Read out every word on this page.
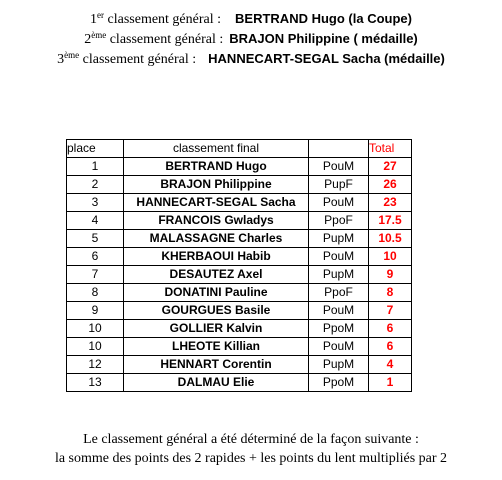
1er classement général : BERTRAND Hugo (la Coupe)
2ème classement général : BRAJON Philippine ( médaille)
3ème classement général : HANNECART-SEGAL Sacha (médaille)
place	classement final		Total
1	BERTRAND Hugo	PouM	27
2	BRAJON Philippine	PupF	26
3	HANNECART-SEGAL Sacha	PouM	23
4	FRANCOIS Gwladys	PpoF	17.5
5	MALASSAGNE Charles	PupM	10.5
6	KHERBAOUI Habib	PouM	10
7	DESAUTEZ Axel	PupM	9
8	DONATINI Pauline	PpoF	8
9	GOURGUES Basile	PouM	7
10	GOLLIER Kalvin	PpoM	6
10	LHEOTE Killian	PouM	6
12	HENNART Corentin	PupM	4
13	DALMAU Elie	PpoM	1
Le classement général a été déterminé de la façon suivante :
la somme des points des 2 rapides + les points du lent multipliés par 2
